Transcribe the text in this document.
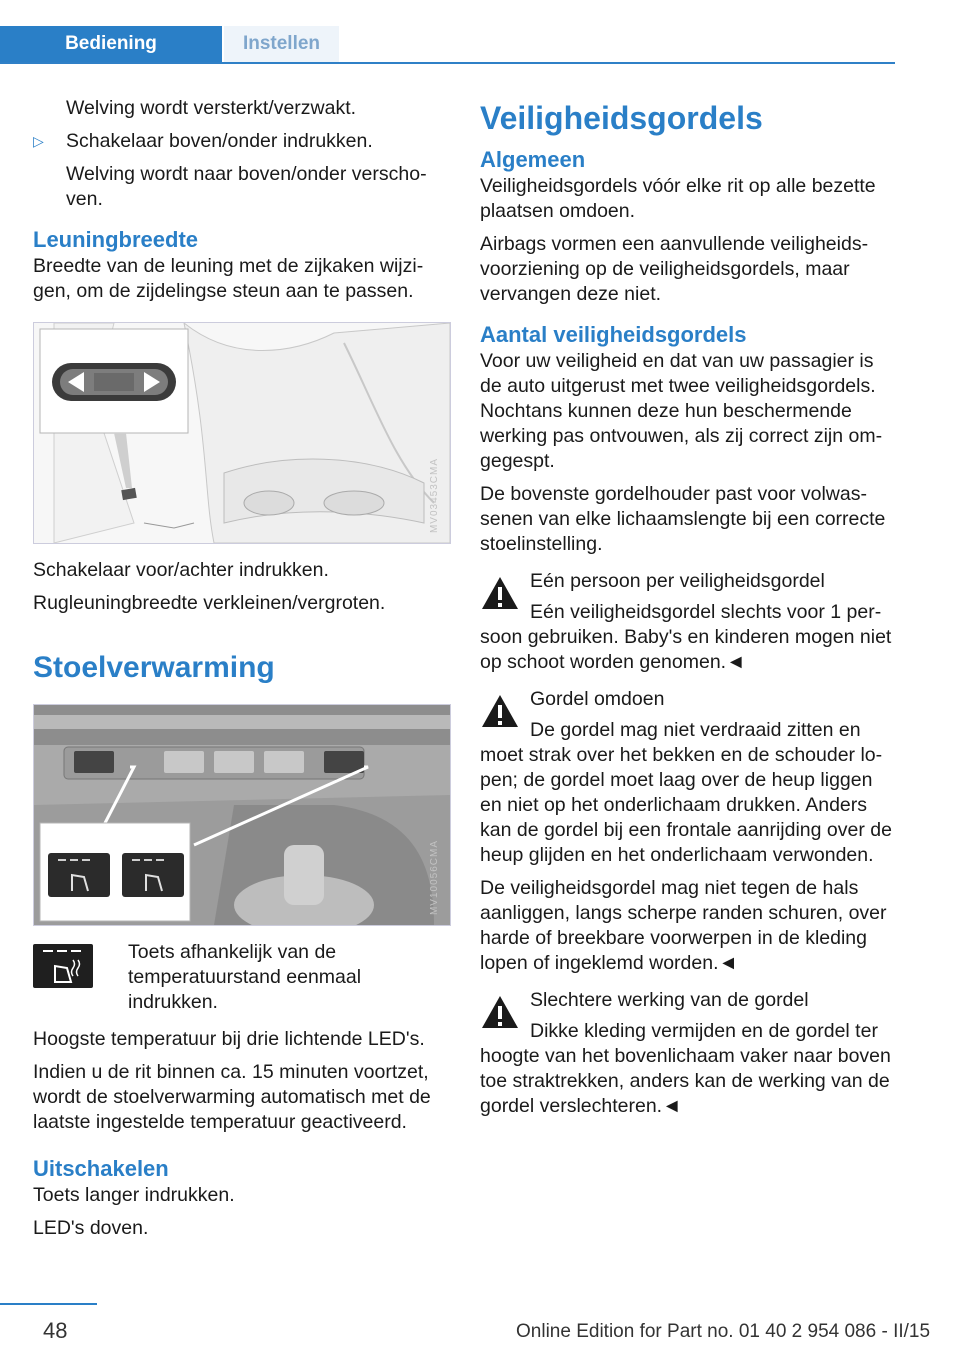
Bediening	Instellen

Welving wordt versterkt/verzwakt.

▷ Schakelaar boven/onder indrukken.

Welving wordt naar boven/onder verschoven.

Leuningbreedte

Breedte van de leuning met de zijkaken wijzigen, om de zijdelingse steun aan te passen.

MV03453CMA

Schakelaar voor/achter indrukken.

Rugleuningbreedte verkleinen/vergroten.

Stoelverwarming
MV10056CMA

Toets afhankelijk van de temperatuurstand eenmaal indrukken.

Hoogste temperatuur bij drie lichtende LED's.

Indien u de rit binnen ca. 15 minuten voortzet, wordt de stoelverwarming automatisch met de laatste ingestelde temperatuur geactiveerd.

Uitschakelen

Toets langer indrukken.

LED's doven.

Veiligheidsgordels
Algemeen

Veiligheidsgordels vóór elke rit op alle bezette plaatsen omdoen.

Airbags vormen een aanvullende veiligheidsvoorziening op de veiligheidsgordels, maar vervangen deze niet.

Aantal veiligheidsgordels

Voor uw veiligheid en dat van uw passagier is de auto uitgerust met twee veiligheidsgordels. Nochtans kunnen deze hun beschermende werking pas ontvouwen, als zij correct zijn omgegespt.

De bovenste gordelhouder past voor volwassenen van elke lichaamslengte bij een correcte stoelinstelling.

Eén persoon per veiligheidsgordel

Eén veiligheidsgordel slechts voor 1 persoon gebruiken. Baby's en kinderen mogen niet op schoot worden genomen.◄

Gordel omdoen

De gordel mag niet verdraaid zitten en moet strak over het bekken en de schouder lopen; de gordel moet laag over de heup liggen en niet op het onderlichaam drukken. Anders kan de gordel bij een frontale aanrijding over de heup glijden en het onderlichaam verwonden.

De veiligheidsgordel mag niet tegen de hals aanliggen, langs scherpe randen schuren, over harde of breekbare voorwerpen in de kleding lopen of ingeklemd worden.◄

Slechtere werking van de gordel

Dikke kleding vermijden en de gordel ter hoogte van het bovenlichaam vaker naar boven toe straktrekken, anders kan de werking van de gordel verslechteren.◄

48	Online Edition for Part no. 01 40 2 954 086 - II/15
